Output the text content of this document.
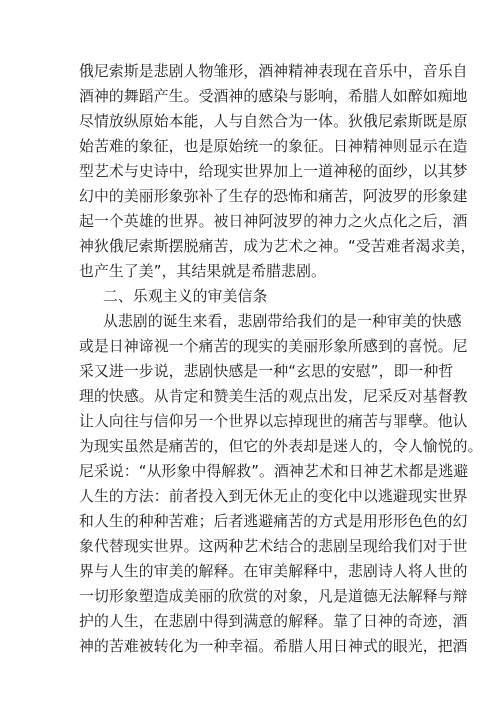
俄尼索斯是悲剧人物雏形，酒神精神表现在音乐中，音乐自
酒神的舞蹈产生。受酒神的感染与影响，希腊人如醉如痴地
尽情放纵原始本能，人与自然合为一体。狄俄尼索斯既是原
始苦难的象征，也是原始统一的象征。日神精神则显示在造
型艺术与史诗中，给现实世界加上一道神秘的面纱，以其梦
幻中的美丽形象弥补了生存的恐怖和痛苦，阿波罗的形象建
起一个英雄的世界。被日神阿波罗的神力之火点化之后，酒
神狄俄尼索斯摆脱痛苦，成为艺术之神。“受苦难者渴求美，
也产生了美”，其结果就是希腊悲剧。
二、乐观主义的审美信条
从悲剧的诞生来看，悲剧带给我们的是一种审美的快感
或是日神谛视一个痛苦的现实的美丽形象所感到的喜悦。尼
采又进一步说，悲剧快感是一种“玄思的安慰”，即一种哲
理的快感。从肯定和赞美生活的观点出发，尼采反对基督教
让人向往与信仰另一个世界以忘掉现世的痛苦与罪孽。他认
为现实虽然是痛苦的，但它的外表却是迷人的，令人愉悦的。
尼采说：“从形象中得解救”。酒神艺术和日神艺术都是逃避
人生的方法：前者投入到无休无止的变化中以逃避现实世界
和人生的种种苦难；后者逃避痛苦的方式是用形形色色的幻
象代替现实世界。这两种艺术结合的悲剧呈现给我们对于世
界与人生的审美的解释。在审美解释中，悲剧诗人将人世的
一切形象塑造成美丽的欣赏的对象，凡是道德无法解释与辩
护的人生，在悲剧中得到满意的解释。靠了日神的奇迹，酒
神的苦难被转化为一种幸福。希腊人用日神式的眼光，把酒
